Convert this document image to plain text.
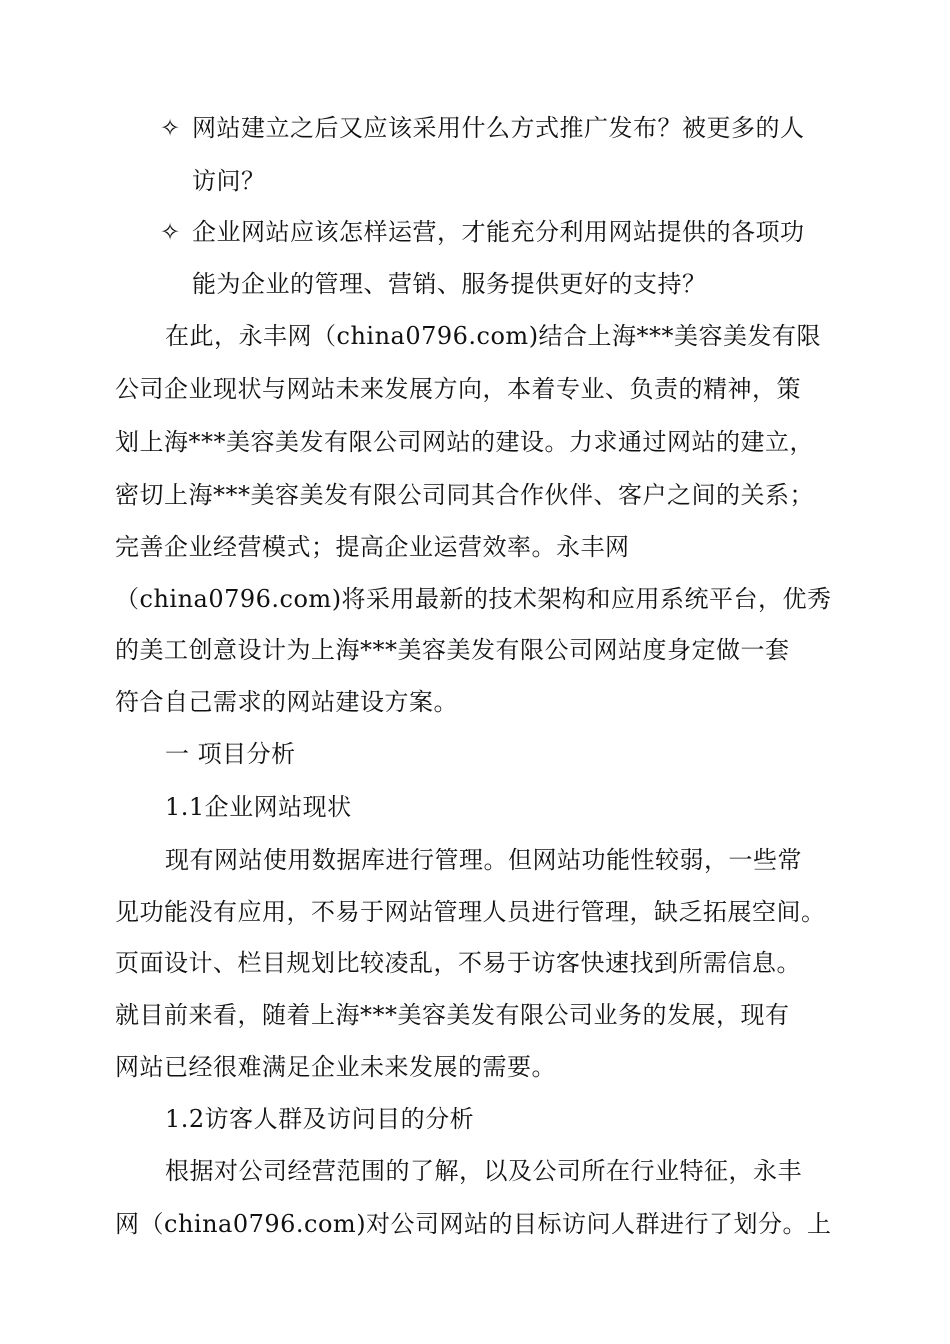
✧ 网站建立之后又应该采用什么方式推广发布？被更多的人
访问？
✧ 企业网站应该怎样运营，才能充分利用网站提供的各项功
能为企业的管理、营销、服务提供更好的支持？
在此，永丰网（china0796.com)结合上海***美容美发有限
公司企业现状与网站未来发展方向，本着专业、负责的精神，策
划上海***美容美发有限公司网站的建设。力求通过网站的建立，
密切上海***美容美发有限公司同其合作伙伴、客户之间的关系；
完善企业经营模式；提高企业运营效率。永丰网
（china0796.com)将采用最新的技术架构和应用系统平台，优秀
的美工创意设计为上海***美容美发有限公司网站度身定做一套
符合自己需求的网站建设方案。
一 项目分析
1.1企业网站现状
现有网站使用数据库进行管理。但网站功能性较弱，一些常
见功能没有应用，不易于网站管理人员进行管理，缺乏拓展空间。
页面设计、栏目规划比较凌乱，不易于访客快速找到所需信息。
就目前来看，随着上海***美容美发有限公司业务的发展，现有
网站已经很难满足企业未来发展的需要。
1.2访客人群及访问目的分析
根据对公司经营范围的了解，以及公司所在行业特征，永丰
网（china0796.com)对公司网站的目标访问人群进行了划分。上
